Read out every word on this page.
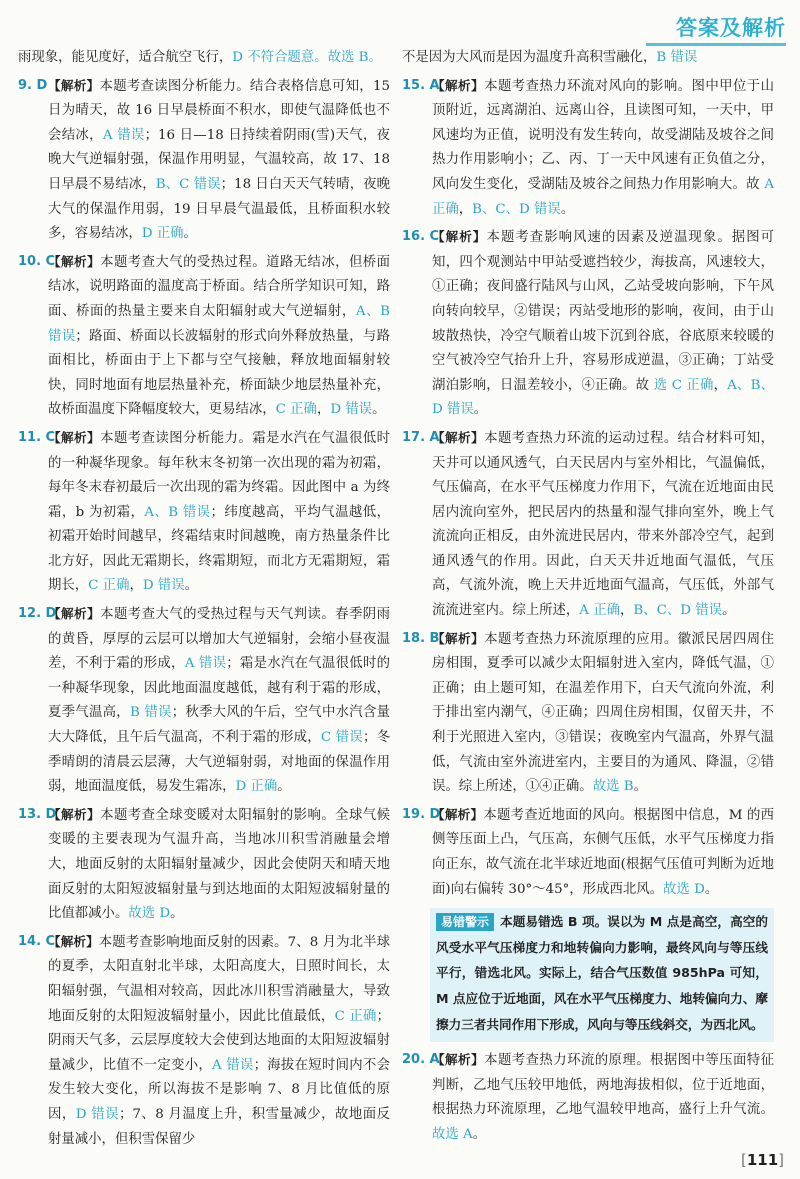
答案及解析
雨现象，能见度好，适合航空飞行，D 不符合题意。故选 B。
9. D 【解析】本题考查读图分析能力。结合表格信息可知，15 日为晴天，故 16 日早晨桥面不积水，即使气温降低也不会结冰，A 错误；16 日—18 日持续着阴雨(雪)天气，夜晚大气逆辐射强，保温作用明显，气温较高，故 17、18 日早晨不易结冰，B、C 错误；18 日白天天气转晴，夜晚大气的保温作用弱，19 日早晨气温最低，且桥面积水较多，容易结冰，D 正确。
10. C
【解析】本题考查大气的受热过程。道路无结冰，但桥面结冰，说明路面的温度高于桥面。结合所学知识可知，路面、桥面的热量主要来自太阳辐射或大气逆辐射，A、B 错误；路面、桥面以长波辐射的形式向外释放热量，与路面相比，桥面由于上下都与空气接触，释放地面辐射较快，同时地面有地层热量补充，桥面缺少地层热量补充，故桥面温度下降幅度较大，更易结冰，C 正确，D 错误。
11. C
【解析】本题考查读图分析能力。霜是水汽在气温很低时的一种凝华现象。每年秋末冬初第一次出现的霜为初霜，每年冬末春初最后一次出现的霜为终霜。因此图中 a 为终霜，b 为初霜，A、B 错误；纬度越高，平均气温越低，初霜开始时间越早，终霜结束时间越晚，南方热量条件比北方好，因此无霜期长，终霜期短，而北方无霜期短，霜期长，C 正确，D 错误。
12. D
【解析】本题考查大气的受热过程与天气判读。春季阴雨的黄昏，厚厚的云层可以增加大气逆辐射，会缩小昼夜温差，不利于霜的形成，A 错误；霜是水汽在气温很低时的一种凝华现象，因此地面温度越低，越有利于霜的形成，夏季气温高，B 错误；秋季大风的午后，空气中水汽含量大大降低，且午后气温高，不利于霜的形成，C 错误；冬季晴朗的清晨云层薄，大气逆辐射弱，对地面的保温作用弱，地面温度低，易发生霜冻，D 正确。
13. D
【解析】本题考查全球变暖对太阳辐射的影响。全球气候变暖的主要表现为气温升高，当地冰川积雪消融量会增大，地面反射的太阳辐射量减少，因此会使阴天和晴天地面反射的太阳短波辐射量与到达地面的太阳短波辐射量的比值都减小。故选 D。
14. C
【解析】本题考查影响地面反射的因素。7、8 月为北半球的夏季，太阳直射北半球，太阳高度大，日照时间长，太阳辐射强，气温相对较高，因此冰川积雪消融量大，导致地面反射的太阳短波辐射量小，因此比值最低，C 正确；阴雨天气多，云层厚度较大会使到达地面的太阳短波辐射量减少，比值不一定变小，A 错误；海拔在短时间内不会发生较大变化，所以海拔不是影响 7、8 月比值低的原因，D 错误；7、8 月温度上升，积雪量减少，故地面反射量减小，但积雪保留少
不是因为大风而是因为温度升高积雪融化，B 错误
15. A
【解析】本题考查热力环流对风向的影响。图中甲位于山顶附近，远离湖泊、远离山谷，且读图可知，一天中，甲风速均为正值，说明没有发生转向，故受湖陆及坡谷之间热力作用影响小；乙、丙、丁一天中风速有正负值之分，风向发生变化，受湖陆及坡谷之间热力作用影响大。故 A 正确，B、C、D 错误。
16. C
【解析】本题考查影响风速的因素及逆温现象。据图可知，四个观测站中甲站受遮挡较少，海拔高，风速较大，①正确；夜间盛行陆风与山风，乙站受坡向影响，下午风向转向较早，②错误；丙站受地形的影响，夜间，由于山坡散热快，冷空气顺着山坡下沉到谷底，谷底原来较暖的空气被冷空气抬升上升，容易形成逆温，③正确；丁站受湖泊影响，日温差较小，④正确。故 选 C 正确，A、B、D 错误。
17. A
【解析】本题考查热力环流的运动过程。结合材料可知，天井可以通风透气，白天民居内与室外相比，气温偏低，气压偏高，在水平气压梯度力作用下，气流在近地面由民居内流向室外，把民居内的热量和湿气排向室外，晚上气流流向正相反，由外流进民居内，带来外部冷空气，起到通风透气的作用。因此，白天天井近地面气温低，气压高，气流外流，晚上天井近地面气温高，气压低，外部气流流进室内。综上所述，A 正确，B、C、D 错误。
18. B
【解析】本题考查热力环流原理的应用。徽派民居四周住房相围，夏季可以减少太阳辐射进入室内，降低气温，①正确；由上题可知，在温差作用下，白天气流向外流，利于排出室内潮气，④正确；四周住房相围，仅留天井，不利于光照进入室内，③错误；夜晚室内气温高，外界气温低，气流由室外流进室内，主要目的为通风、降温，②错误。综上所述，①④正确。故选 B。
19. D
【解析】本题考查近地面的风向。根据图中信息，M 的西侧等压面上凸，气压高，东侧气压低，水平气压梯度力指向正东，故气流在北半球近地面(根据气压值可判断为近地面)向右偏转 30°～45°，形成西北风。故选 D。
易错警示 本题易错选 B 项。误以为 M 点是高空，高空的风受水平气压梯度力和地转偏向力影响，最终风向与等压线平行，错选北风。实际上，结合气压数值 985hPa 可知，M 点应位于近地面，风在水平气压梯度力、地转偏向力、摩擦力三者共同作用下形成，风向与等压线斜交，为西北风。
20. A
【解析】本题考查热力环流的原理。根据图中等压面特征判断，乙地气压较甲地低，两地海拔相似，位于近地面，根据热力环流原理，乙地气温较甲地高，盛行上升气流。故选 A。
[111]
